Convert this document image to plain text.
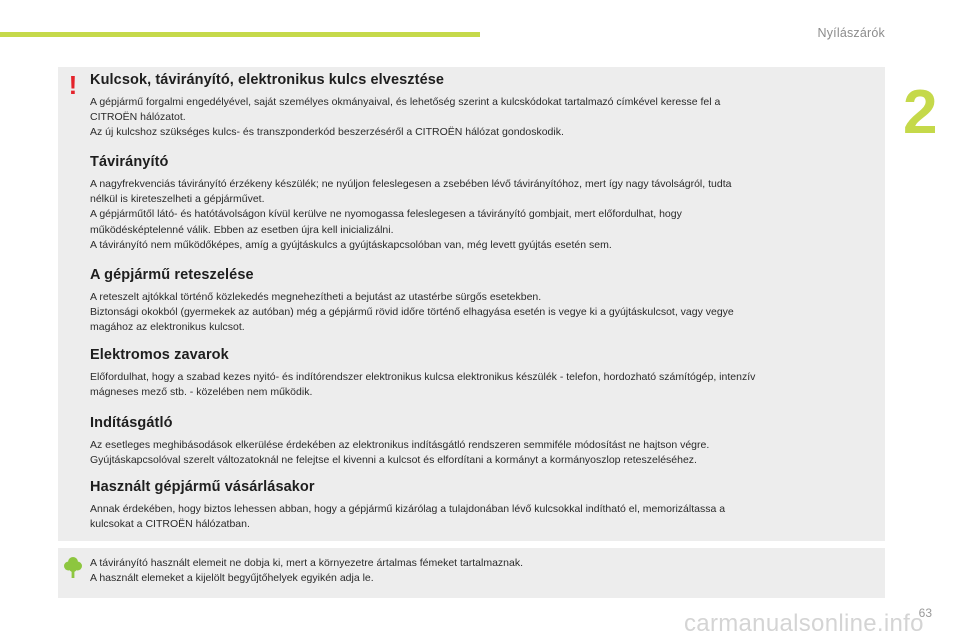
Nyílászárók
2
! Kulcsok, távirányító, elektronikus kulcs elvesztése

A gépjármű forgalmi engedélyével, saját személyes okmányaival, és lehetőség szerint a kulcskódokat tartalmazó címkével keresse fel a
CITROËN hálózatot.
Az új kulcshoz szükséges kulcs- és transzponderkód beszerzéséről a CITROËN hálózat gondoskodik.

Távirányító

A nagyfrekvenciás távirányító érzékeny készülék; ne nyúljon feleslegesen a zsebében lévő távirányítóhoz, mert így nagy távolságról, tudta
nélkül is kireteszelheti a gépjárművet.
A gépjárműtől látó- és hatótávolságon kívül kerülve ne nyomogassa feleslegesen a távirányító gombjait, mert előfordulhat, hogy
működésképtelenné válik. Ebben az esetben újra kell inicializálni.
A távirányító nem működőképes, amíg a gyújtáskulcs a gyújtáskapcsolóban van, még levett gyújtás esetén sem.

A gépjármű reteszelése

A reteszelt ajtókkal történő közlekedés megnehezítheti a bejutást az utastérbe sürgős esetekben.
Biztonsági okokból (gyermekek az autóban) még a gépjármű rövid időre történő elhagyása esetén is vegye ki a gyújtáskulcsot, vagy vegye
magához az elektronikus kulcsot.

Elektromos zavarok

Előfordulhat, hogy a szabad kezes nyitó- és indítórendszer elektronikus kulcsa elektronikus készülék - telefon, hordozható számítógép, intenzív
mágneses mező stb. - közelében nem működik.

Indításgátló

Az esetleges meghibásodások elkerülése érdekében az elektronikus indításgátló rendszeren semmiféle módosítást ne hajtson végre.
Gyújtáskapcsolóval szerelt változatoknál ne felejtse el kivenni a kulcsot és elfordítani a kormányt a kormányoszlop reteszeléséhez.

Használt gépjármű vásárlásakor

Annak érdekében, hogy biztos lehessen abban, hogy a gépjármű kizárólag a tulajdonában lévő kulcsokkal indítható el, memorizáltassa a
kulcsokat a CITROËN hálózatban.

A távirányító használt elemeit ne dobja ki, mert a környezetre ártalmas fémeket tartalmaznak.
A használt elemeket a kijelölt begyűjtőhelyek egyikén adja le.
63
carmanualsonline.info
